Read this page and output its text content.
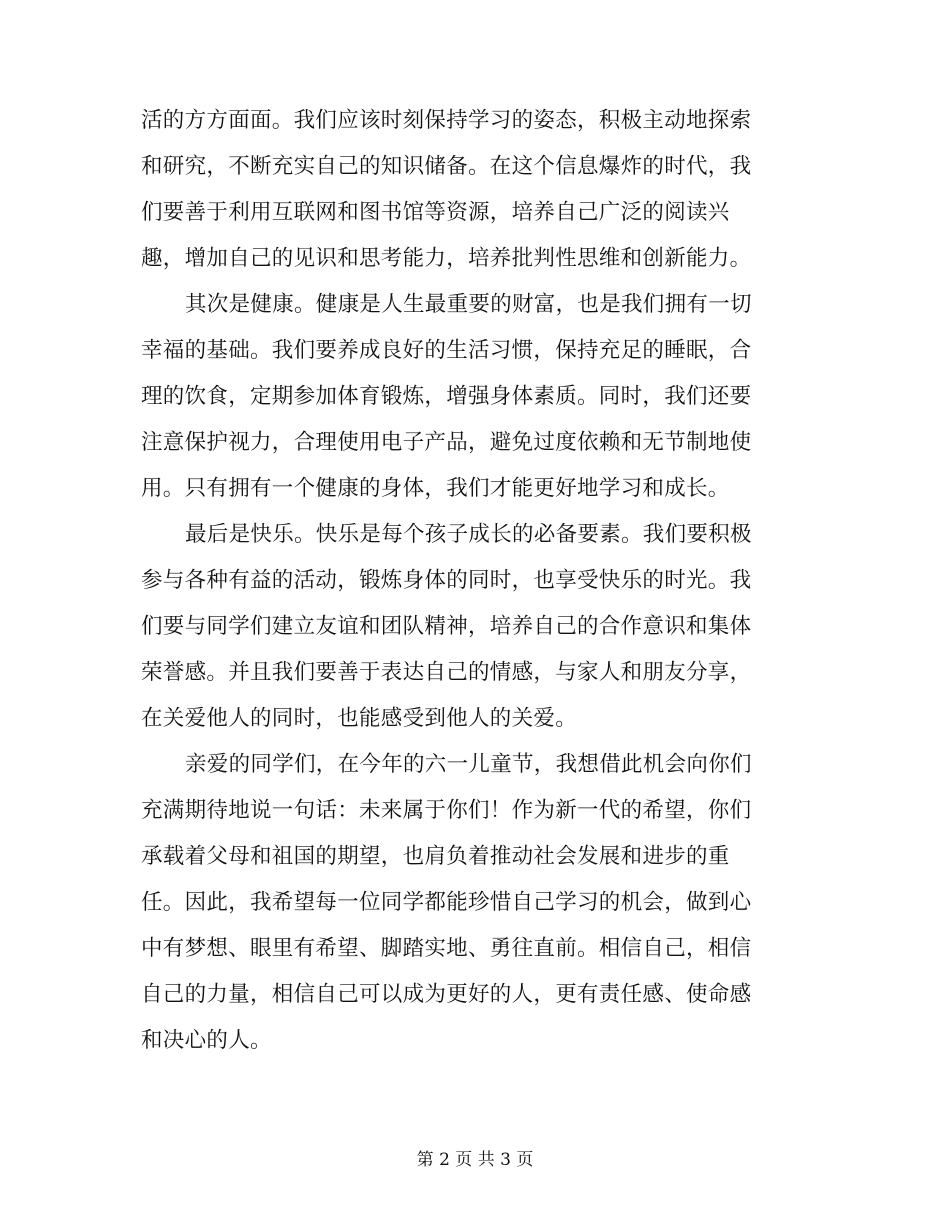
活的方方面面。我们应该时刻保持学习的姿态，积极主动地探索
和研究，不断充实自己的知识储备。在这个信息爆炸的时代，我
们要善于利用互联网和图书馆等资源，培养自己广泛的阅读兴
趣，增加自己的见识和思考能力，培养批判性思维和创新能力。
其次是健康。健康是人生最重要的财富，也是我们拥有一切
幸福的基础。我们要养成良好的生活习惯，保持充足的睡眠，合
理的饮食，定期参加体育锻炼，增强身体素质。同时，我们还要
注意保护视力，合理使用电子产品，避免过度依赖和无节制地使
用。只有拥有一个健康的身体，我们才能更好地学习和成长。
最后是快乐。快乐是每个孩子成长的必备要素。我们要积极
参与各种有益的活动，锻炼身体的同时，也享受快乐的时光。我
们要与同学们建立友谊和团队精神，培养自己的合作意识和集体
荣誉感。并且我们要善于表达自己的情感，与家人和朋友分享，
在关爱他人的同时，也能感受到他人的关爱。
亲爱的同学们，在今年的六一儿童节，我想借此机会向你们
充满期待地说一句话：未来属于你们！作为新一代的希望，你们
承载着父母和祖国的期望，也肩负着推动社会发展和进步的重
任。因此，我希望每一位同学都能珍惜自己学习的机会，做到心
中有梦想、眼里有希望、脚踏实地、勇往直前。相信自己，相信
自己的力量，相信自己可以成为更好的人，更有责任感、使命感
和决心的人。
第 2 页 共 3 页
